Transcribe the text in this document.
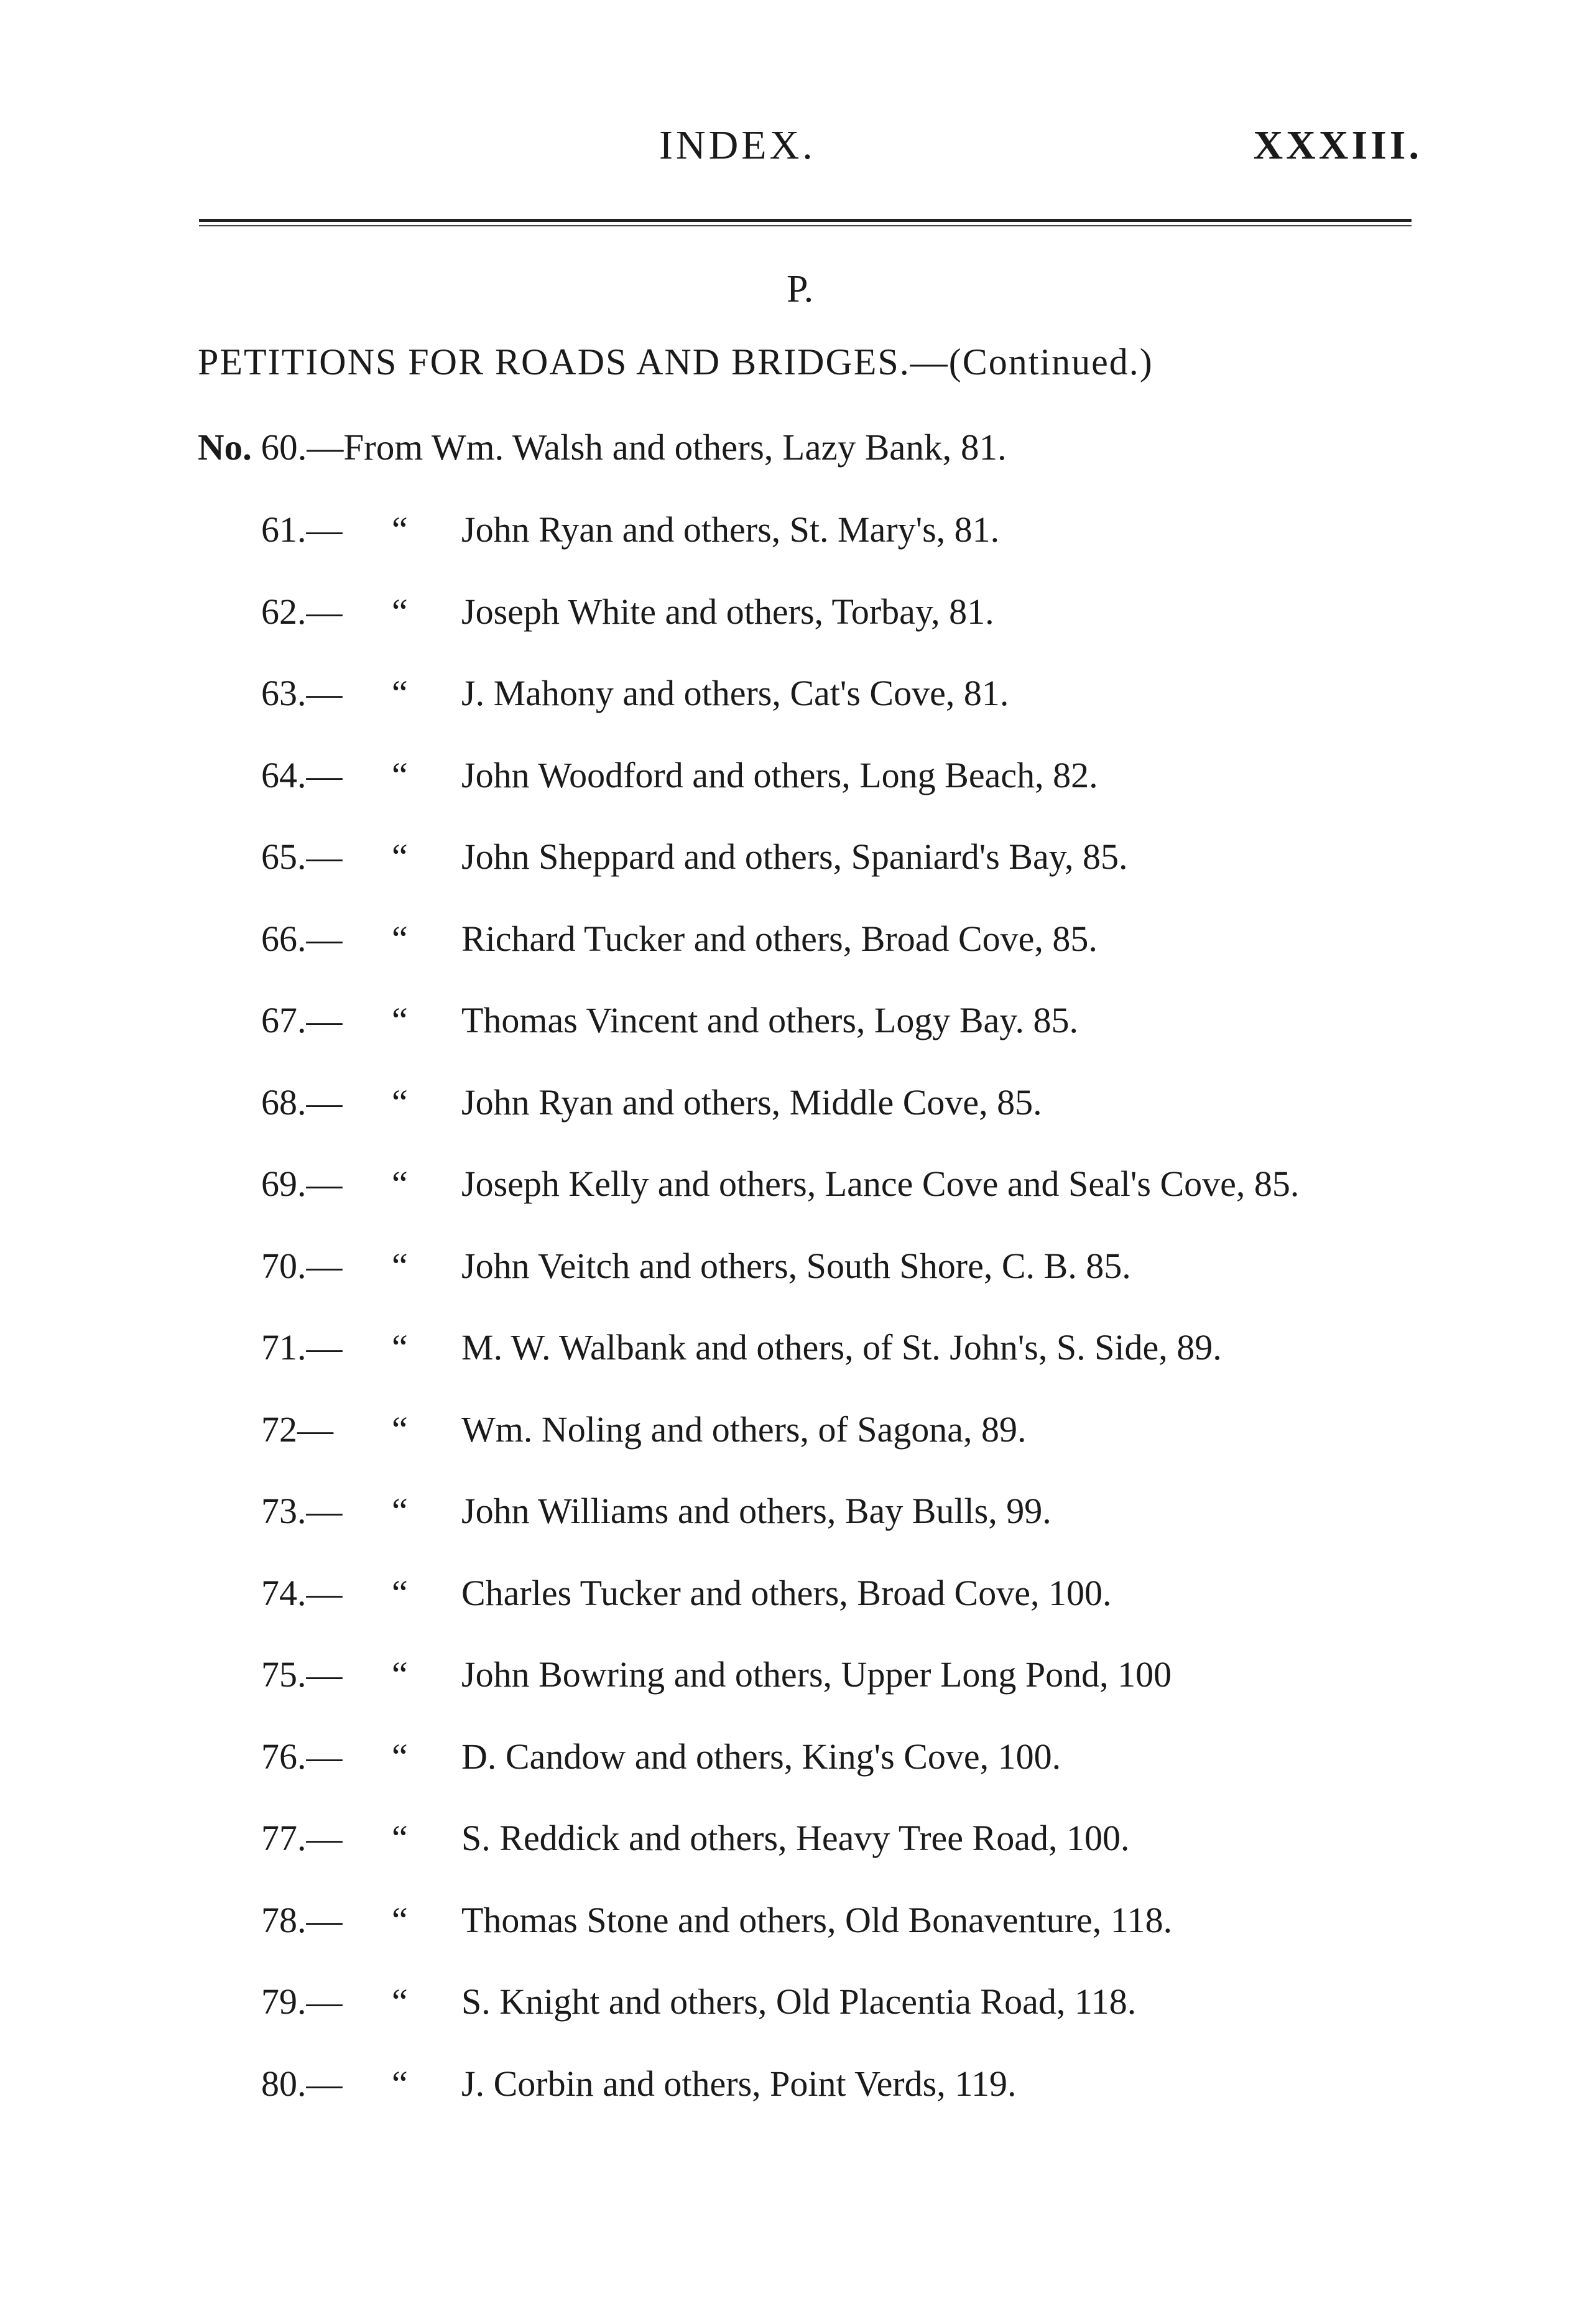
INDEX.	XXXIII.
P.
PETITIONS FOR ROADS AND BRIDGES.—(Continued.)
No. 60.—From Wm. Walsh and others, Lazy Bank, 81.
61.— “ John Ryan and others, St. Mary's, 81.
62.— “ Joseph White and others, Torbay, 81.
63.— “ J. Mahony and others, Cat's Cove, 81.
64.— “ John Woodford and others, Long Beach, 82.
65.— “ John Sheppard and others, Spaniard's Bay, 85.
66.— “ Richard Tucker and others, Broad Cove, 85.
67.— “ Thomas Vincent and others, Logy Bay. 85.
68.— “ John Ryan and others, Middle Cove, 85.
69.— “ Joseph Kelly and others, Lance Cove and Seal's Cove, 85.
70.— “ John Veitch and others, South Shore, C. B. 85.
71.— “ M. W. Walbank and others, of St. John's, S. Side, 89.
72— “ Wm. Noling and others, of Sagona, 89.
73.— “ John Williams and others, Bay Bulls, 99.
74.— “ Charles Tucker and others, Broad Cove, 100.
75.— “ John Bowring and others, Upper Long Pond, 100
76.— “ D. Candow and others, King's Cove, 100.
77.— “ S. Reddick and others, Heavy Tree Road, 100.
78.— “ Thomas Stone and others, Old Bonaventure, 118.
79.— “ S. Knight and others, Old Placentia Road, 118.
80.— “ J. Corbin and others, Point Verds, 119.
